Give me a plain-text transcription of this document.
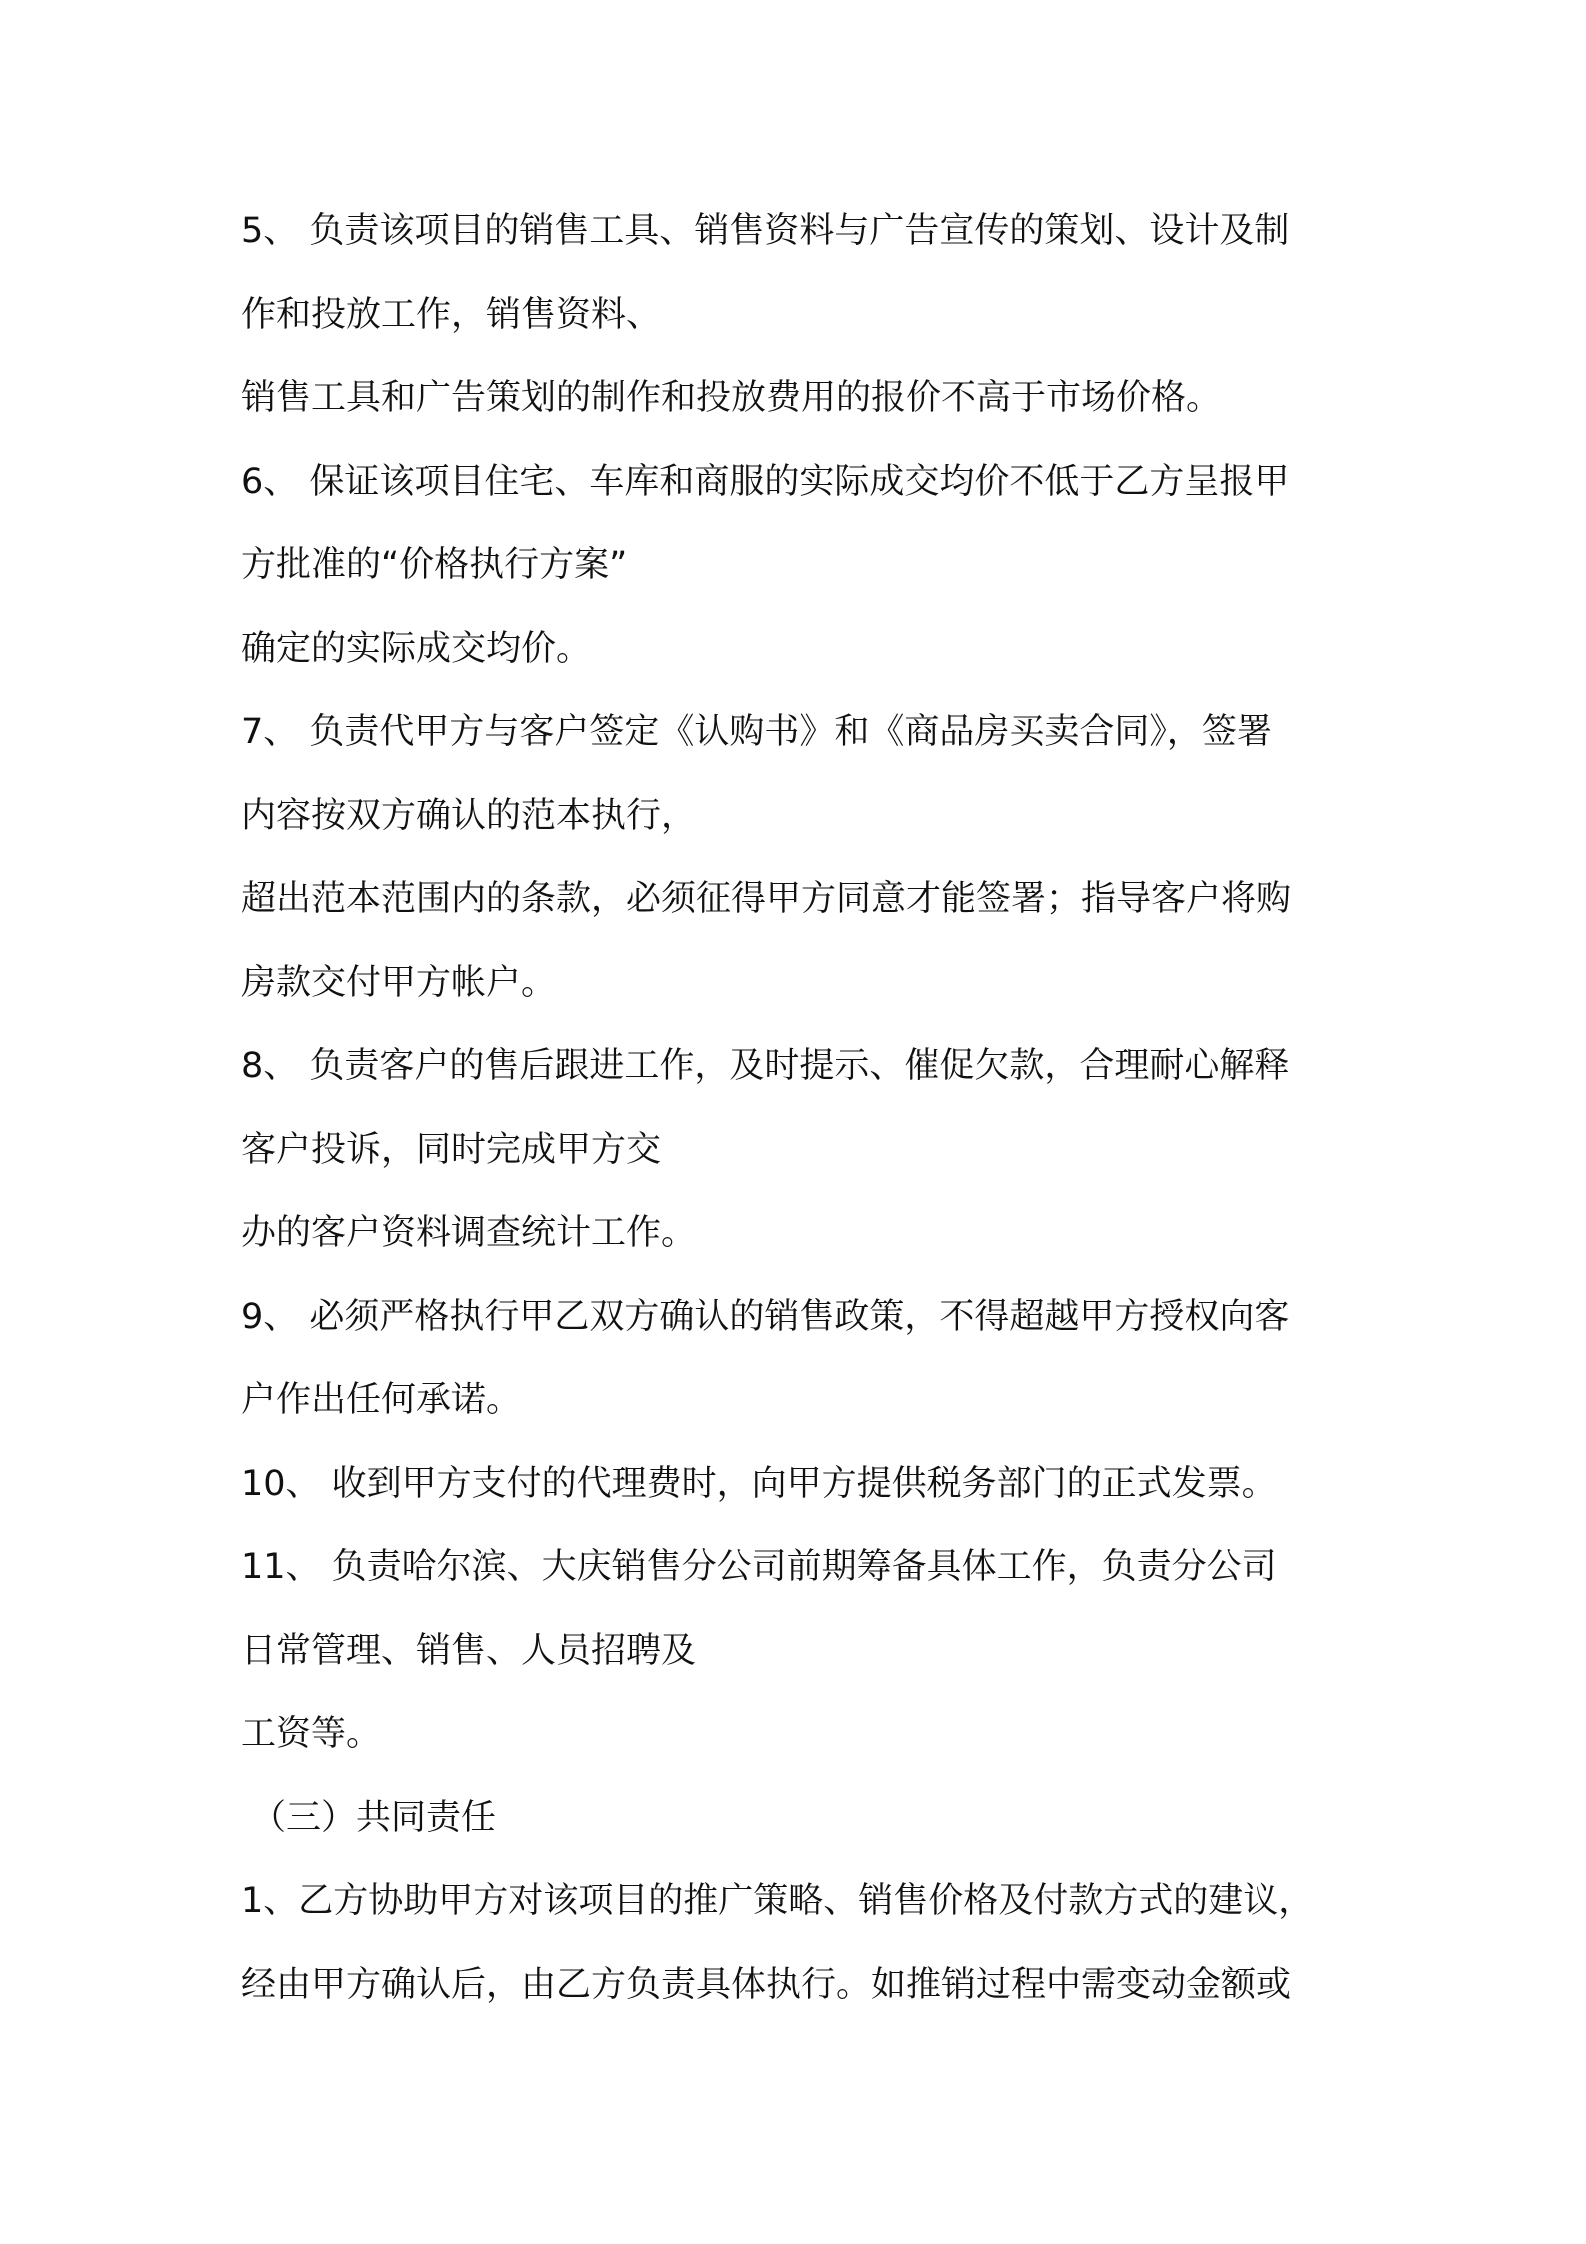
5、 负责该项目的销售工具、销售资料与广告宣传的策划、设计及制
作和投放工作，销售资料、
销售工具和广告策划的制作和投放费用的报价不高于市场价格。
6、 保证该项目住宅、车库和商服的实际成交均价不低于乙方呈报甲
方批准的“价格执行方案”
确定的实际成交均价。
7、 负责代甲方与客户签定《认购书》和《商品房买卖合同》，签署
内容按双方确认的范本执行，
超出范本范围内的条款，必须征得甲方同意才能签署；指导客户将购
房款交付甲方帐户。
8、 负责客户的售后跟进工作，及时提示、催促欠款，合理耐心解释
客户投诉，同时完成甲方交
办的客户资料调查统计工作。
9、 必须严格执行甲乙双方确认的销售政策，不得超越甲方授权向客
户作出任何承诺。
10、 收到甲方支付的代理费时，向甲方提供税务部门的正式发票。
11、 负责哈尔滨、大庆销售分公司前期筹备具体工作，负责分公司
日常管理、销售、人员招聘及
工资等。
（三）共同责任
1、乙方协助甲方对该项目的推广策略、销售价格及付款方式的建议，
经由甲方确认后，由乙方负责具体执行。如推销过程中需变动金额或
